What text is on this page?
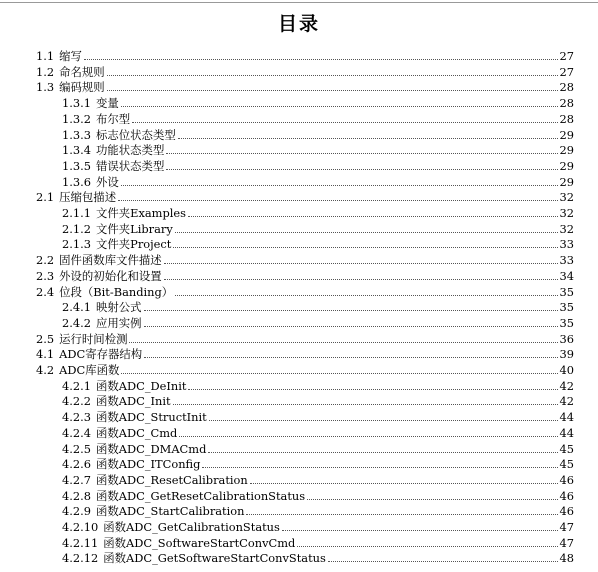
目录
1.1 缩写	27
1.2 命名规则	27
1.3 编码规则	28
1.3.1 变量	28
1.3.2 布尔型	28
1.3.3 标志位状态类型	29
1.3.4 功能状态类型	29
1.3.5 错误状态类型	29
1.3.6 外设	29
2.1 压缩包描述	32
2.1.1 文件夹Examples	32
2.1.2 文件夹Library	32
2.1.3 文件夹Project	33
2.2 固件函数库文件描述	33
2.3 外设的初始化和设置	34
2.4 位段（Bit-Banding）	35
2.4.1 映射公式	35
2.4.2 应用实例	35
2.5 运行时间检测	36
4.1 ADC寄存器结构	39
4.2 ADC库函数	40
4.2.1 函数ADC_DeInit	42
4.2.2 函数ADC_Init	42
4.2.3 函数ADC_StructInit	44
4.2.4 函数ADC_Cmd	44
4.2.5 函数ADC_DMACmd	45
4.2.6 函数ADC_ITConfig	45
4.2.7 函数ADC_ResetCalibration	46
4.2.8 函数ADC_GetResetCalibrationStatus	46
4.2.9 函数ADC_StartCalibration	46
4.2.10 函数ADC_GetCalibrationStatus	47
4.2.11 函数ADC_SoftwareStartConvCmd	47
4.2.12 函数ADC_GetSoftwareStartConvStatus	48
